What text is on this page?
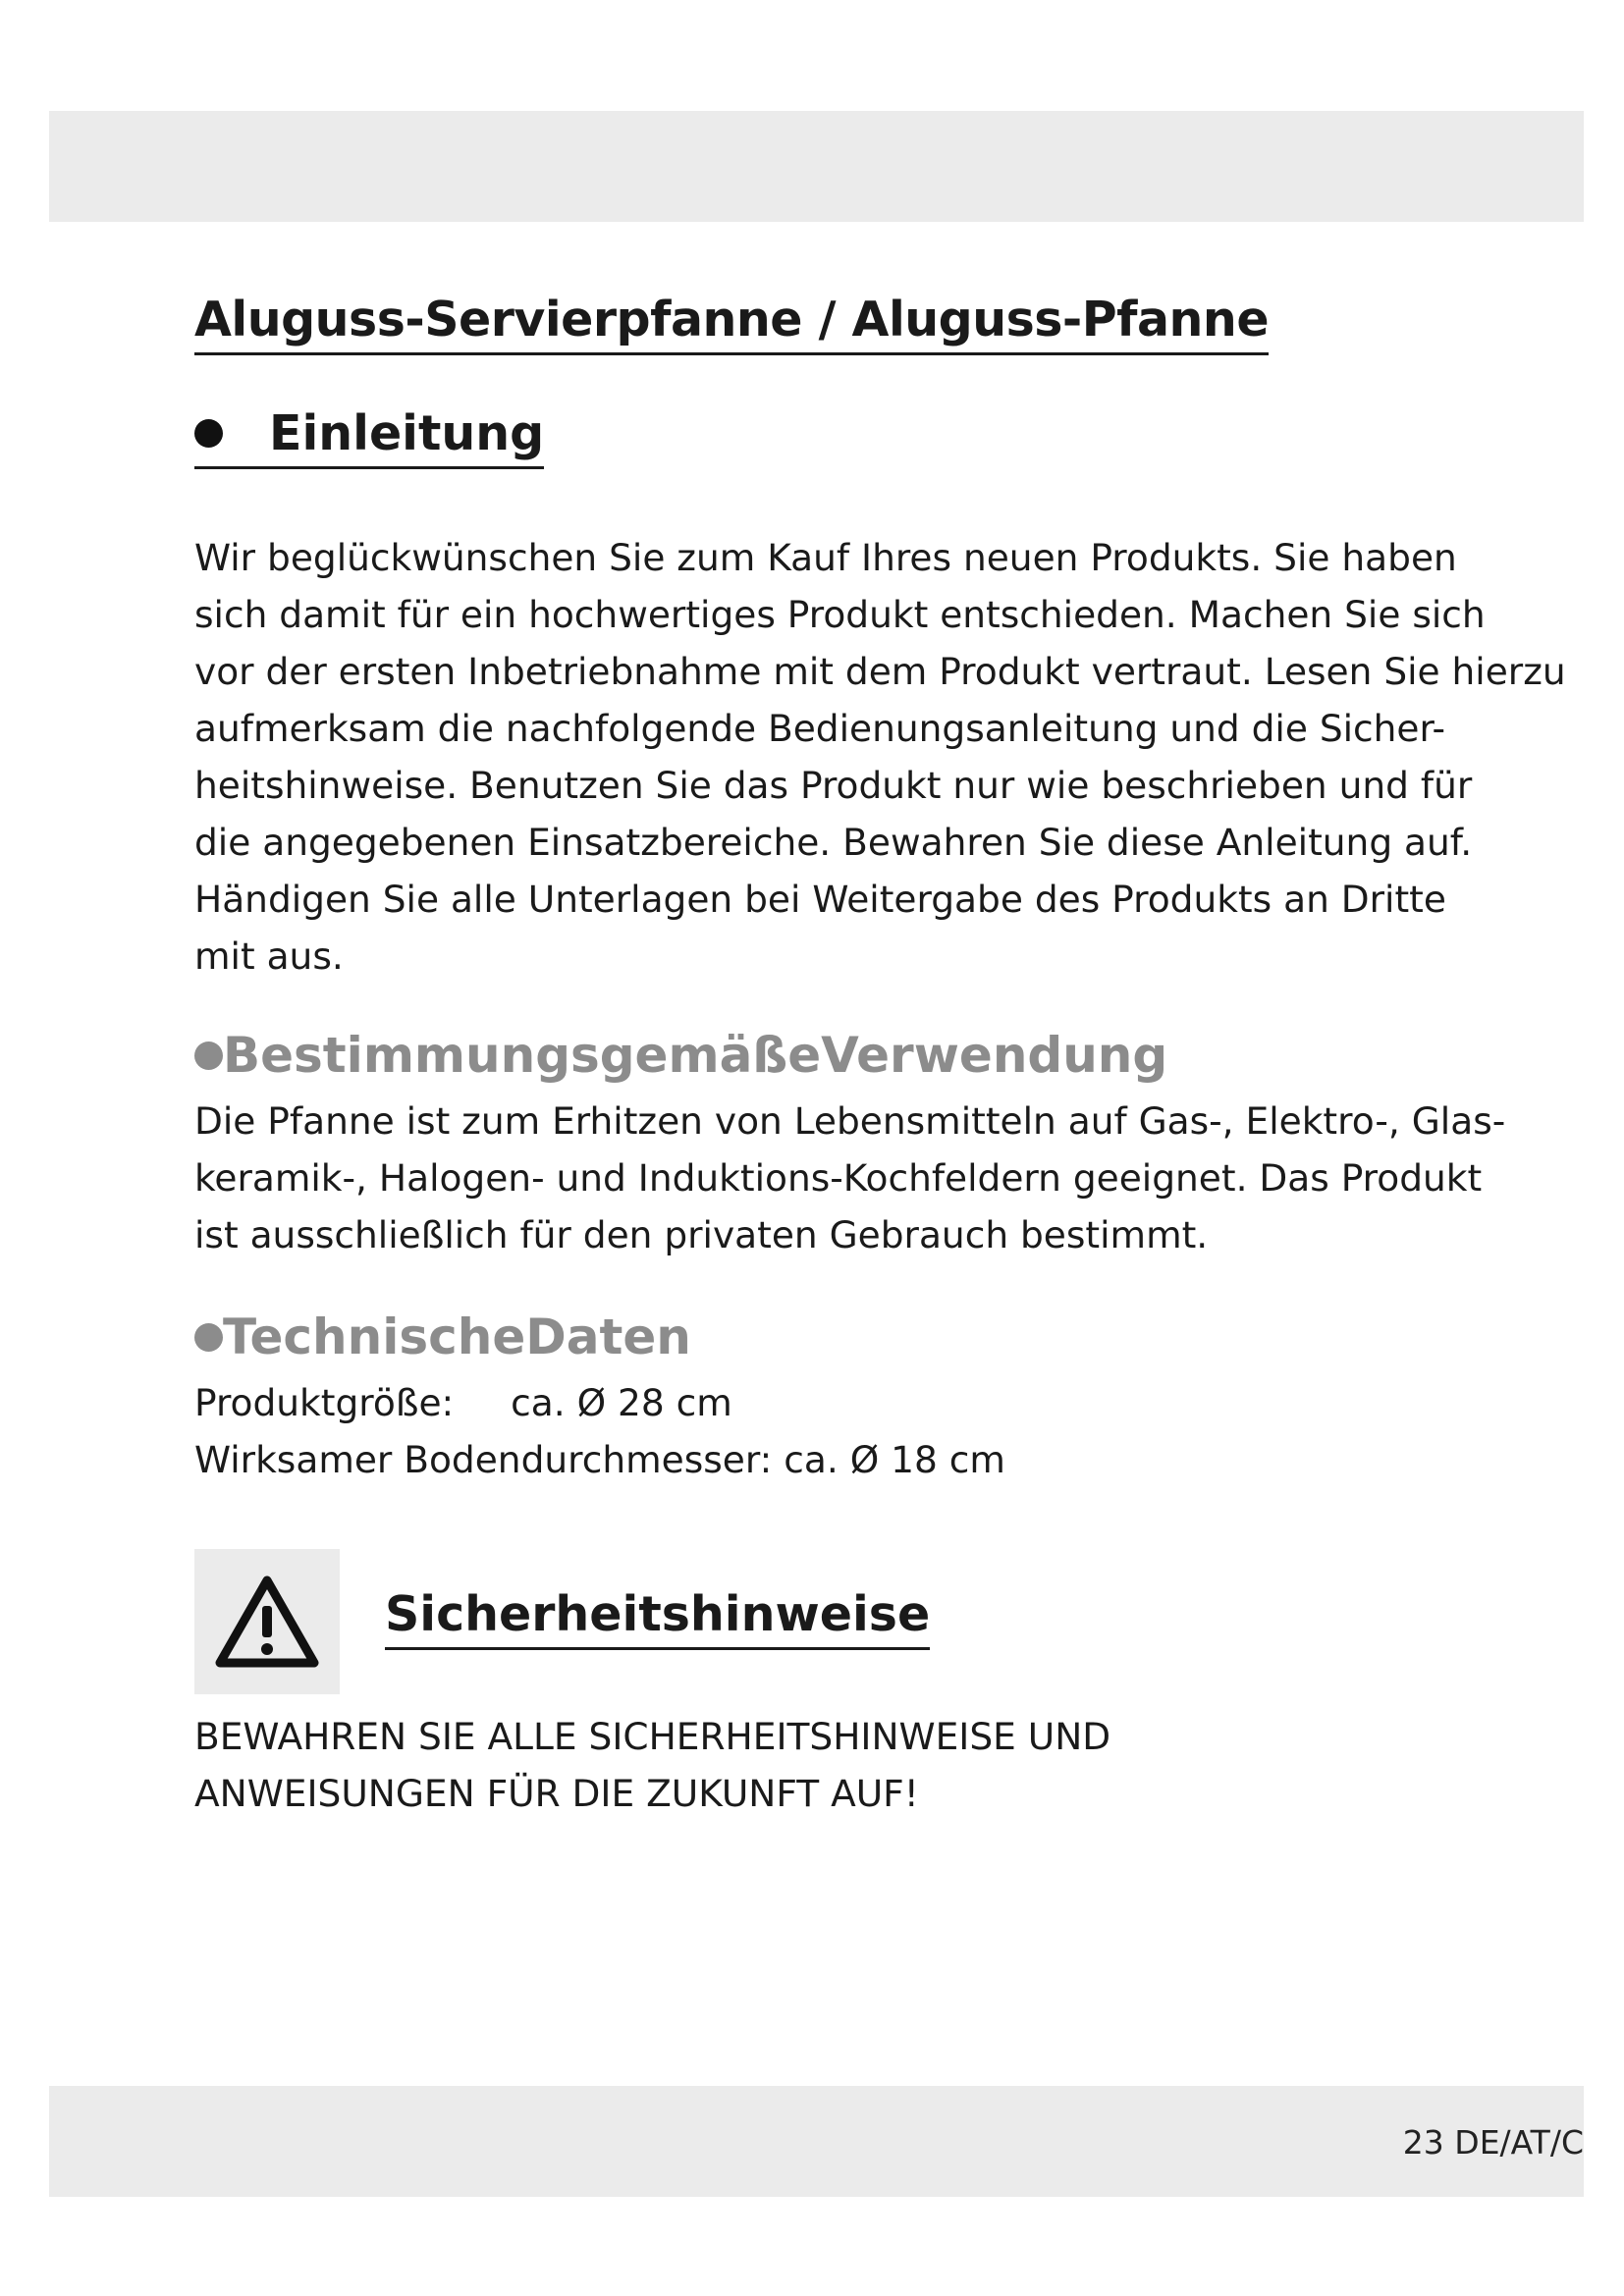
Aluguss-Servierpfanne / Aluguss-Pfanne
Einleitung

Wir beglückwünschen Sie zum Kauf Ihres neuen Produkts. Sie haben
sich damit für ein hochwertiges Produkt entschieden. Machen Sie sich
vor der ersten Inbetriebnahme mit dem Produkt vertraut. Lesen Sie hierzu
aufmerksam die nachfolgende Bedienungsanleitung und die Sicher-
heitshinweise. Benutzen Sie das Produkt nur wie beschrieben und für
die angegebenen Einsatzbereiche. Bewahren Sie diese Anleitung auf.
Händigen Sie alle Unterlagen bei Weitergabe des Produkts an Dritte
mit aus.

BestimmungsgemäßeVerwendung

Die Pfanne ist zum Erhitzen von Lebensmitteln auf Gas-, Elektro-, Glas-
keramik-, Halogen- und Induktions-Kochfeldern geeignet. Das Produkt
ist ausschließlich für den privaten Gebrauch bestimmt.

TechnischeDaten
Produktgröße: ca. Ø 28 cm
Wirksamer Bodendurchmesser: ca. Ø 18 cm
Sicherheitshinweise

BEWAHREN SIE ALLE SICHERHEITSHINWEISE UND
ANWEISUNGEN FÜR DIE ZUKUNFT AUF!

23 DE/AT/C
